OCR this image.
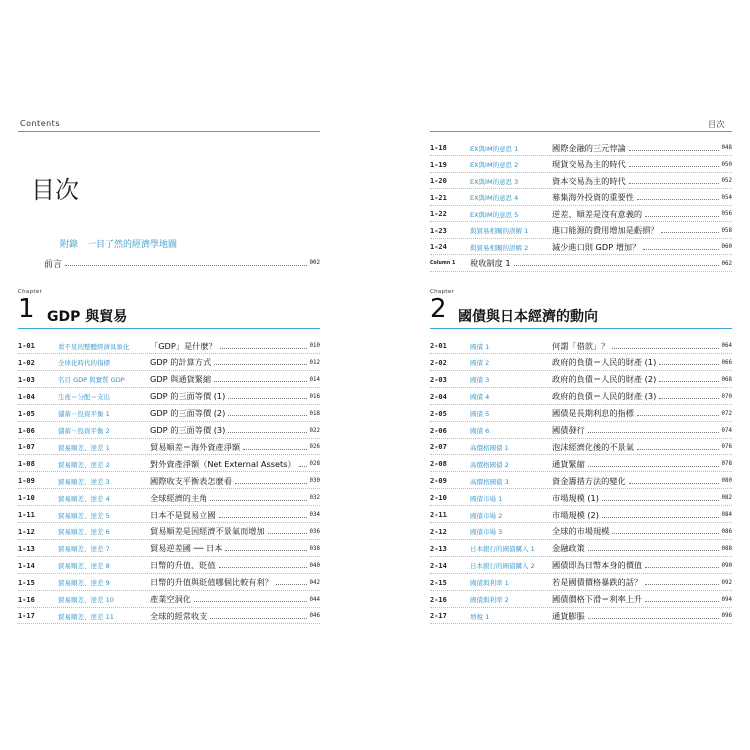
Contents
目次
附錄　一目了然的經濟學地圖
前言	002
Chapter
1 GDP 與貿易
1-01	看不見的整體經濟具象化	「GDP」是什麼？	010
1-02	全球化時代的指標	GDP 的計算方式	012
1-03	名目 GDP 與實質 GDP	GDP 與通貨緊縮	014
1-04	生產＝分配＝支出	GDP 的三面等價 (1)	016
1-05	儲蓄－投資平衡 1	GDP 的三面等價 (2)	018
1-06	儲蓄－投資平衡 2	GDP 的三面等價 (3)	022
1-07	貿易順差、逆差 1	貿易順差＝海外資產淨額	026
1-08	貿易順差、逆差 2	對外資產淨額（Net External Assets） 028
1-09	貿易順差、逆差 3	國際收支平衡表怎麼看	030
1-10	貿易順差、逆差 4	全球經濟的主角	032
1-11	貿易順差、逆差 5	日本不是貿易立國	034
1-12	貿易順差、逆差 6	貿易順差是因經濟不景氣而增加	036
1-13	貿易順差、逆差 7	貿易逆差國 ── 日本	038
1-14	貿易順差、逆差 8	日幣的升值、貶值	040
1-15	貿易順差、逆差 9	日幣的升值與貶值哪個比較有利？	042
1-16	貿易順差、逆差 10	產業空洞化	044
1-17	貿易順差、逆差 11	全球的經常收支	046
目次
1-18	EX與IM的意思 1	國際金融的三元悖論	048
1-19	EX與IM的意思 2	現貨交易為主的時代	050
1-20	EX與IM的意思 3	資本交易為主的時代	052
1-21	EX與IM的意思 4	募集海外投資的重要性	054
1-22	EX與IM的意思 5	逆差、順差是沒有意義的	056
1-23	與貿易相關的誤解 1	進口能源的費用增加是虧損？	058
1-24	與貿易相關的誤解 2	減少進口則 GDP 增加？	060
Column 1	稅收制度 1	062
Chapter
2 國債與日本經濟的動向
2-01	國債 1	何謂「借款」？	064
2-02	國債 2	政府的負債＝人民的財產 (1)	066
2-03	國債 3	政府的負債＝人民的財產 (2)	068
2-04	國債 4	政府的負債＝人民的財產 (3)	070
2-05	國債 5	國債是長期利息的指標	072
2-06	國債 6	國債發行	074
2-07	高價格國債 1	泡沫經濟化後的不景氣	076
2-08	高價格國債 2	通貨緊縮	078
2-09	高價格國債 3	資金籌措方法的變化	080
2-10	國債市場 1	市場規模 (1)	082
2-11	國債市場 2	市場規模 (2)	084
2-12	國債市場 3	全球的市場規模	086
2-13	日本銀行的國債購入 1	金融政策	088
2-14	日本銀行的國債購入 2	國債即為日幣本身的價值	090
2-15	國債與利率 1	若是國債價格暴跌的話？	092
2-16	國債與利率 2	國債價格下滑＝利率上升	094
2-17	增稅 1	通貨膨脹	096
